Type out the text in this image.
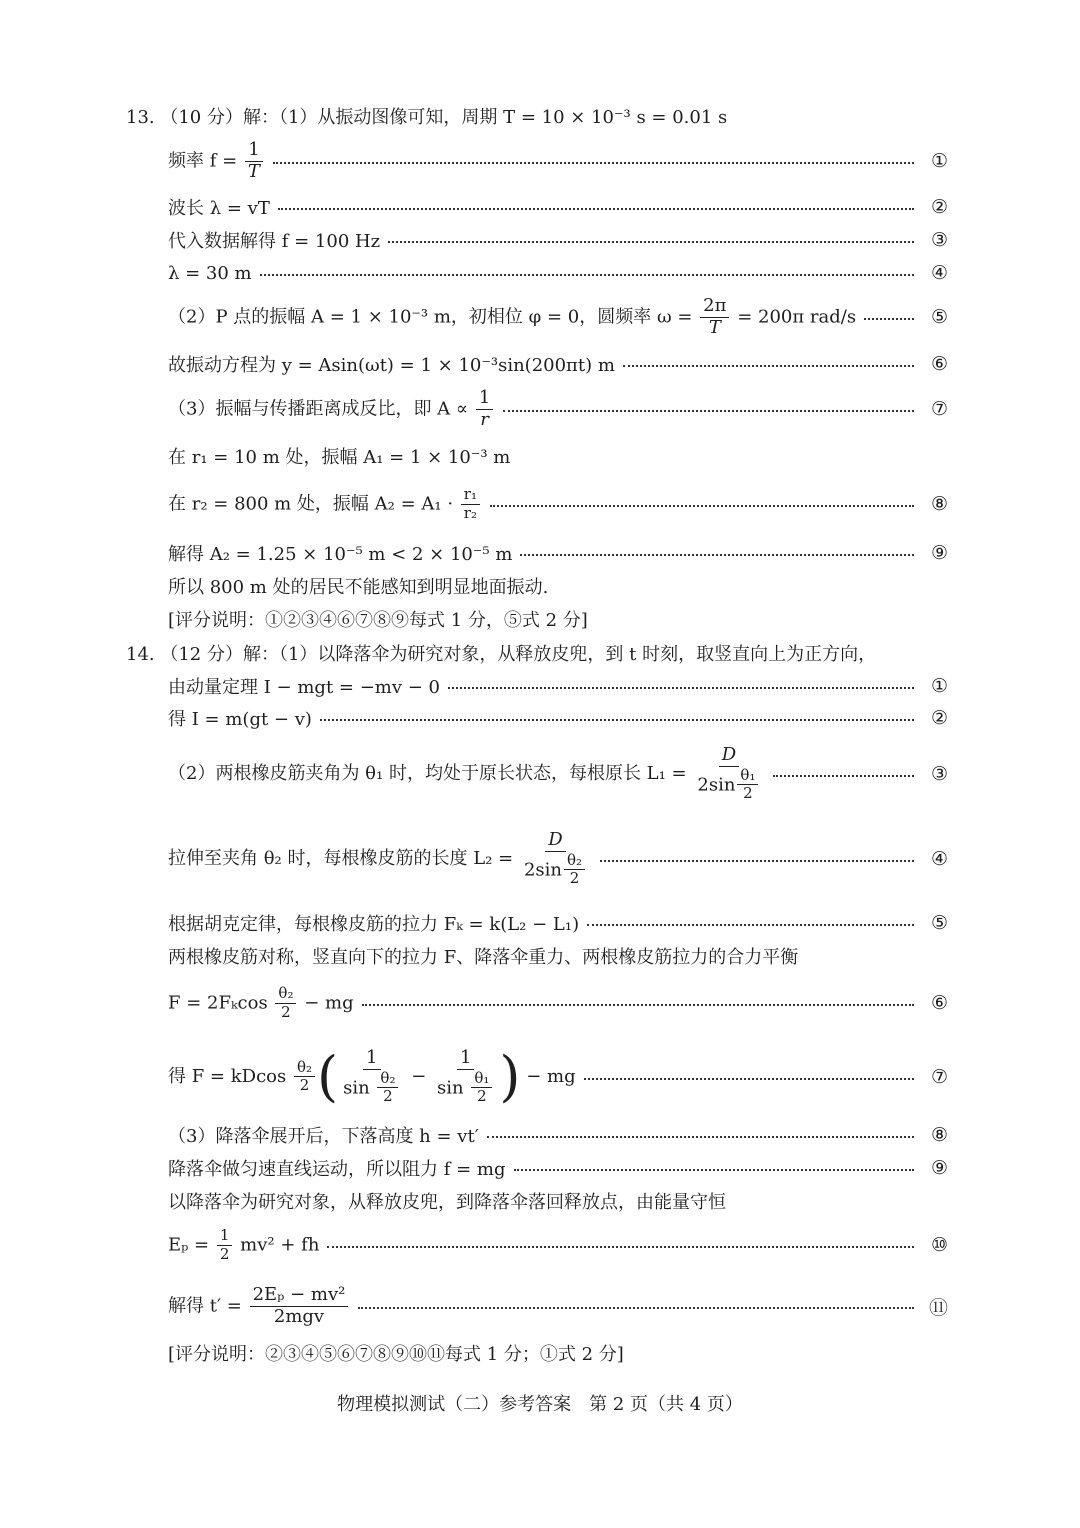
13. （10 分）解：（1）从振动图像可知，周期 T = 10 × 10⁻³ s = 0.01 s
频率 $f = \frac{1}{T}$	①
波长 λ = vT	②
代入数据解得 f = 100 Hz	③
λ = 30 m	④
（2）P 点的振幅 A = 1 × 10⁻³ m，初相位 φ = 0，圆频率 $\omega = \frac{2\pi}{T} = 200\pi$ rad/s	⑤
故振动方程为 y = Asin(ωt) = 1 × 10⁻³sin(200πt) m	⑥
（3）振幅与传播距离成反比，即 $A \propto \frac{1}{r}$	⑦
在 r₁ = 10 m 处，振幅 A₁ = 1 × 10⁻³ m
在 r₂ = 800 m 处，振幅 $A_2 = A_1 \cdot \frac{\text{r₁}}{\text{r₂}}$	⑧
解得 A₂ = 1.25 × 10⁻⁵ m < 2 × 10⁻⁵ m	⑨
所以 800 m 处的居民不能感知到明显地面振动.
[评分说明：①②③④⑥⑦⑧⑨每式 1 分，⑤式 2 分]
14. （12 分）解：（1）以降落伞为研究对象，从释放皮兜，到 t 时刻，取竖直向上为正方向，
由动量定理 I − mgt = −mv − 0	①
得 I = m(gt − v)	②
（2）两根橡皮筋夹角为 θ₁ 时，均处于原长状态，每根原长 $L_1 = \frac{D}{2\sin \frac{\text{θ₁}}{2}}$	③
拉伸至夹角 θ₂ 时，每根橡皮筋的长度 $L_2 = \frac{D}{2\sin \frac{\text{θ₂}}{2}}$	④
根据胡克定律，每根橡皮筋的拉力 Fₖ = k(L₂ − L₁)	⑤
两根橡皮筋对称，竖直向下的拉力 F、降落伞重力、两根橡皮筋拉力的合力平衡
$F = 2F_k\cos \frac{\text{θ₂}}{2}$ − mg	⑥
得 F = kDcos $\frac{\text{θ₂}}{2}$ ( $\frac{1}{\sin \frac{\text{θ₂}}{2}} - \frac{1}{\sin \frac{\text{θ₁}}{2}}$ ) − mg	⑦
（3）降落伞展开后，下落高度 h = vt′	⑧
降落伞做匀速直线运动，所以阻力 f = mg	⑨
以降落伞为研究对象，从释放皮兜，到降落伞落回释放点，由能量守恒
$E_p = \frac{1}{2} mv^2$ + fh	⑩
解得 $t' = \frac{\text{2Eₚ − mv²}}{\text{2mgv}}$	⑪
[评分说明：②③④⑤⑥⑦⑧⑨⑩⑪每式 1 分；①式 2 分]
物理模拟测试（二）参考答案　第 2 页（共 4 页）
